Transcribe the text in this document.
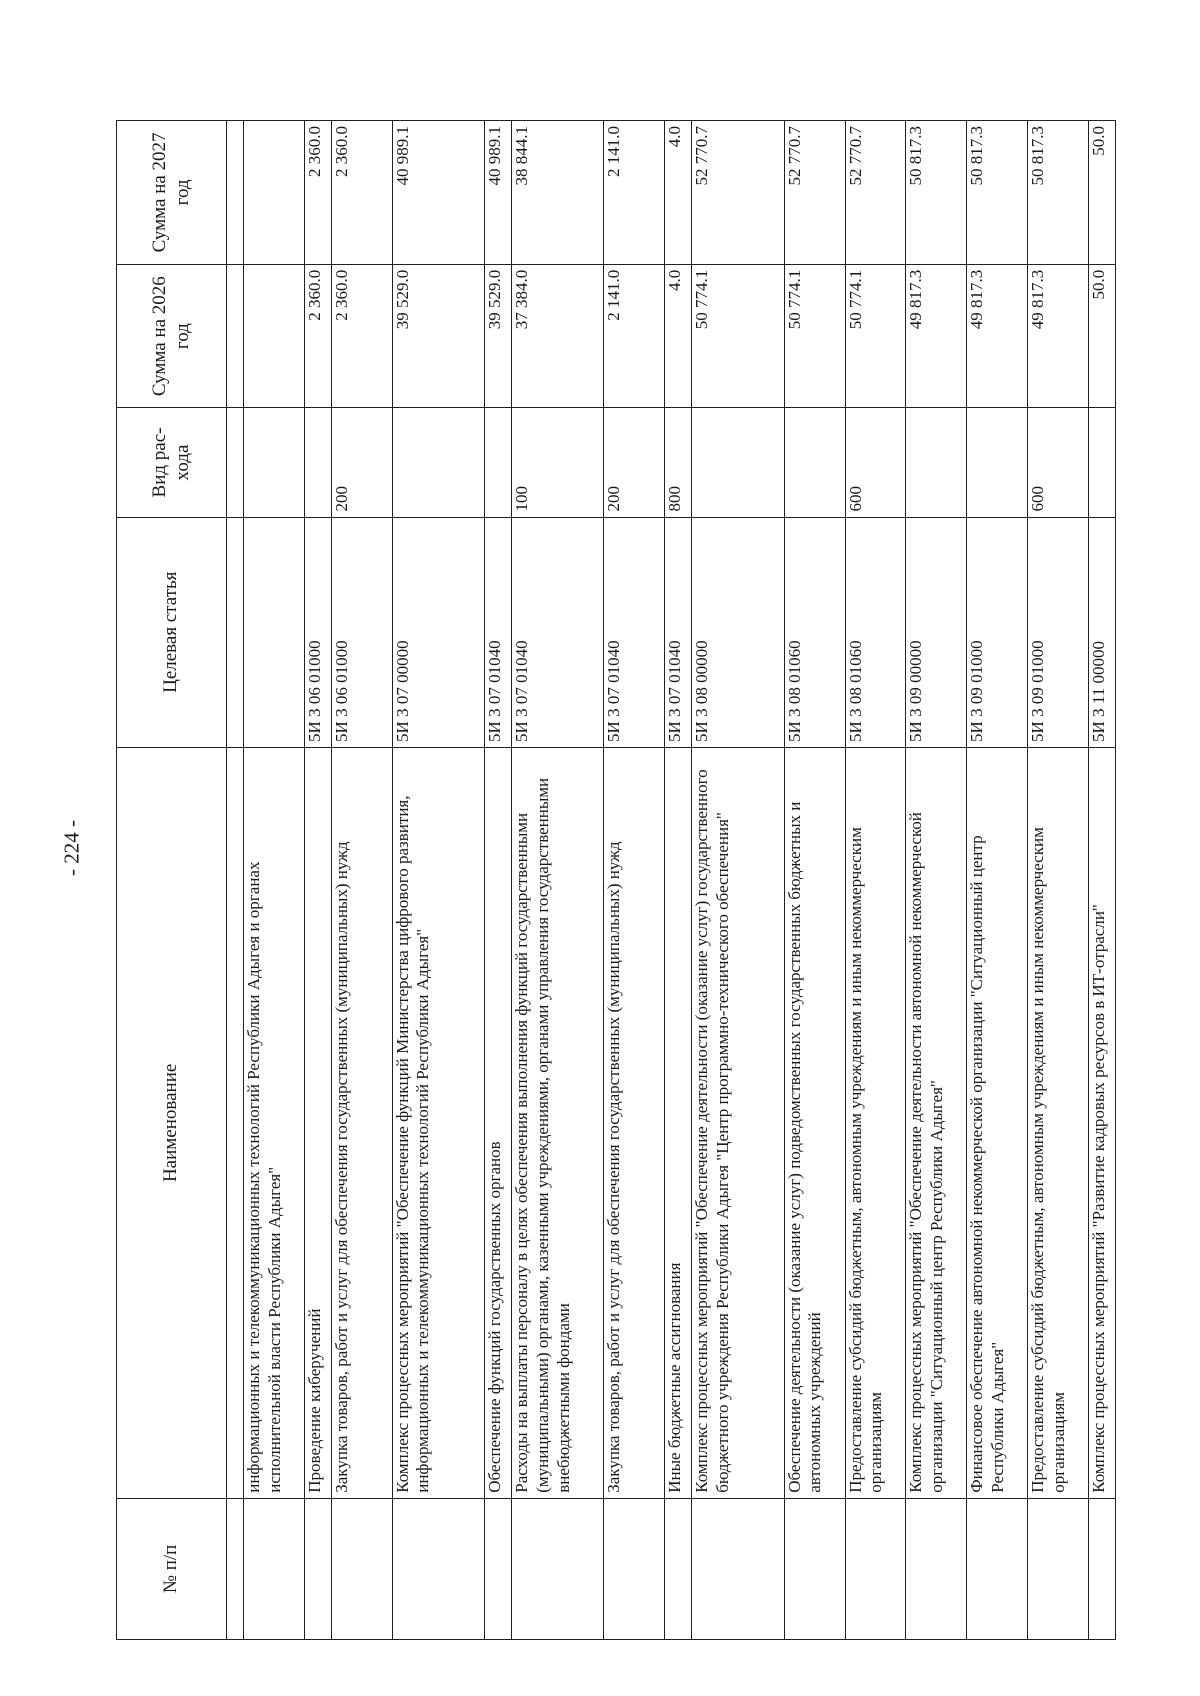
- 224 -
№ п/п	Наименование	Целевая статья	Вид рас-хода	Сумма на 2026 год	Сумма на 2027 год

	информационных и телекоммуникационных технологий Республики Адыгея и органах исполнительной власти Республики Адыгея"				
	Проведение киберучений	5И 3 06 01000		2 360.0	2 360.0
	Закупка товаров, работ и услуг для обеспечения государственных (муниципальных) нужд	5И 3 06 01000	200	2 360.0	2 360.0
	Комплекс процессных мероприятий "Обеспечение функций Министерства цифрового развития, информационных и телекоммуникационных технологий Республики Адыгея"	5И 3 07 00000		39 529.0	40 989.1
	Обеспечение функций государственных органов	5И 3 07 01040		39 529.0	40 989.1
	Расходы на выплаты персоналу в целях обеспечения выполнения функций государственными (муниципальными) органами, казенными учреждениями, органами управления государственными внебюджетными фондами	5И 3 07 01040	100	37 384.0	38 844.1
	Закупка товаров, работ и услуг для обеспечения государственных (муниципальных) нужд	5И 3 07 01040	200	2 141.0	2 141.0
	Иные бюджетные ассигнования	5И 3 07 01040	800	4.0	4.0
	Комплекс процессных мероприятий "Обеспечение деятельности (оказание услуг) государственного бюджетного учреждения Республики Адыгея "Центр программно-технического обеспечения"	5И 3 08 00000		50 774.1	52 770.7
	Обеспечение деятельности (оказание услуг) подведомственных государственных бюджетных и автономных учреждений	5И 3 08 01060		50 774.1	52 770.7
	Предоставление субсидий бюджетным, автономным учреждениям и иным некоммерческим организациям	5И 3 08 01060	600	50 774.1	52 770.7
	Комплекс процессных мероприятий "Обеспечение деятельности автономной некоммерческой организации "Ситуационный центр Республики Адыгея"	5И 3 09 00000		49 817.3	50 817.3
	Финансовое обеспечение автономной некоммерческой организации "Ситуационный центр Республики Адыгея"	5И 3 09 01000		49 817.3	50 817.3
	Предоставление субсидий бюджетным, автономным учреждениям и иным некоммерческим организациям	5И 3 09 01000	600	49 817.3	50 817.3
	Комплекс процессных мероприятий "Развитие кадровых ресурсов в ИТ-отрасли"	5И 3 11 00000		50.0	50.0
